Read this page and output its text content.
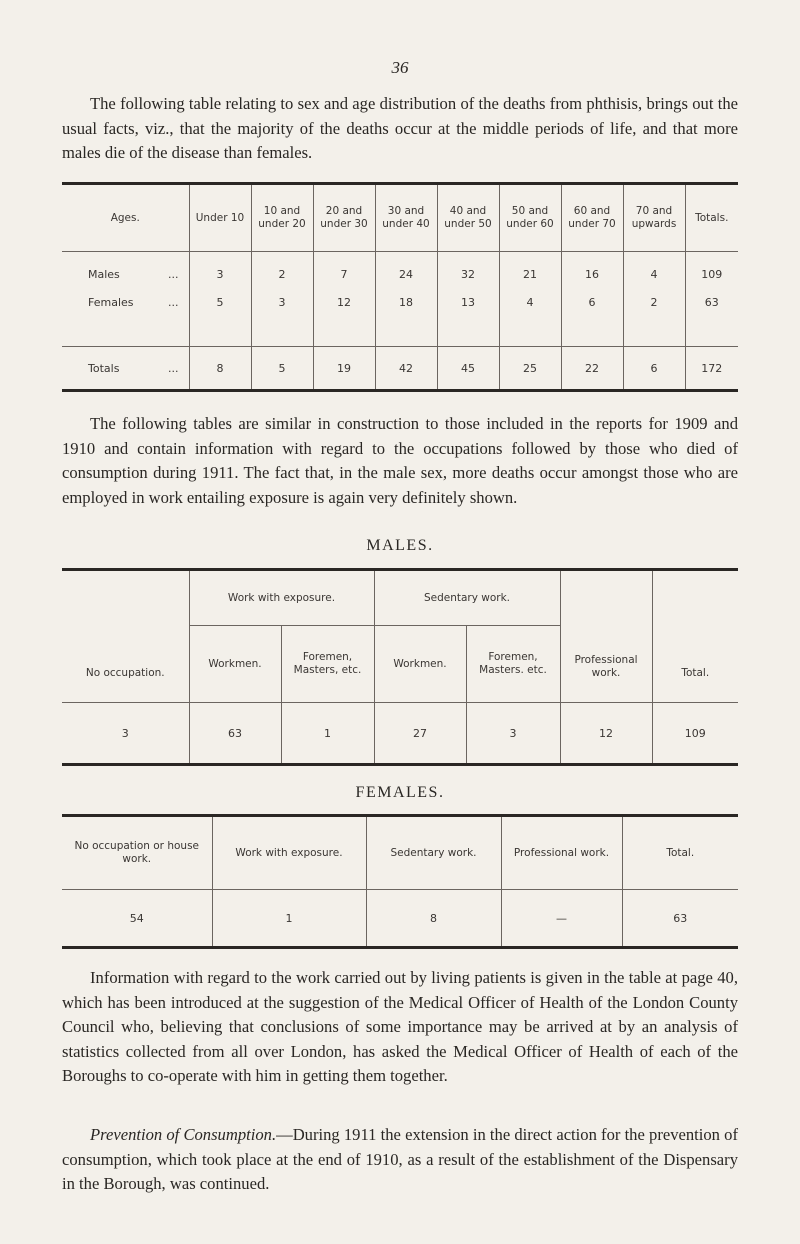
36

The following table relating to sex and age distribution of the deaths from phthisis, brings out the usual facts, viz., that the majority of the deaths occur at the middle periods of life, and that more males die of the disease than females.

Ages.	Under 10	10 and under 20	20 and under 30	30 and under 40	40 and under 50	50 and under 60	60 and under 70	70 and upwards	Totals.

Males ...	3	2	7	24	32	21	16	4	109
Females ...	5	3	12	18	13	4	6	2	63

Totals ...	8	5	19	42	45	25	22	6	172

The following tables are similar in construction to those included in the reports for 1909 and 1910 and contain information with regard to the occupations followed by those who died of consumption during 1911. The fact that, in the male sex, more deaths occur amongst those who are employed in work entailing exposure is again very definitely shown.

MALES.
No occupation.	Work with exposure.		Sedentary work.		Professional work.	Total.
	Workmen.	Foremen, Masters, etc.	Workmen.	Foremen, Masters. etc.		
3	63	1	27	3	12	109
FEMALES.
No occupation or house work.	Work with exposure.	Sedentary work.	Professional work.	Total.
54	1	8	—	63

Information with regard to the work carried out by living patients is given in the table at page 40, which has been introduced at the suggestion of the Medical Officer of Health of the London County Council who, believing that conclusions of some importance may be arrived at by an analysis of statistics collected from all over London, has asked the Medical Officer of Health of each of the Boroughs to co-operate with him in getting them together.

Prevention of Consumption.—During 1911 the extension in the direct action for the prevention of consumption, which took place at the end of 1910, as a result of the establishment of the Dispensary in the Borough, was continued.
